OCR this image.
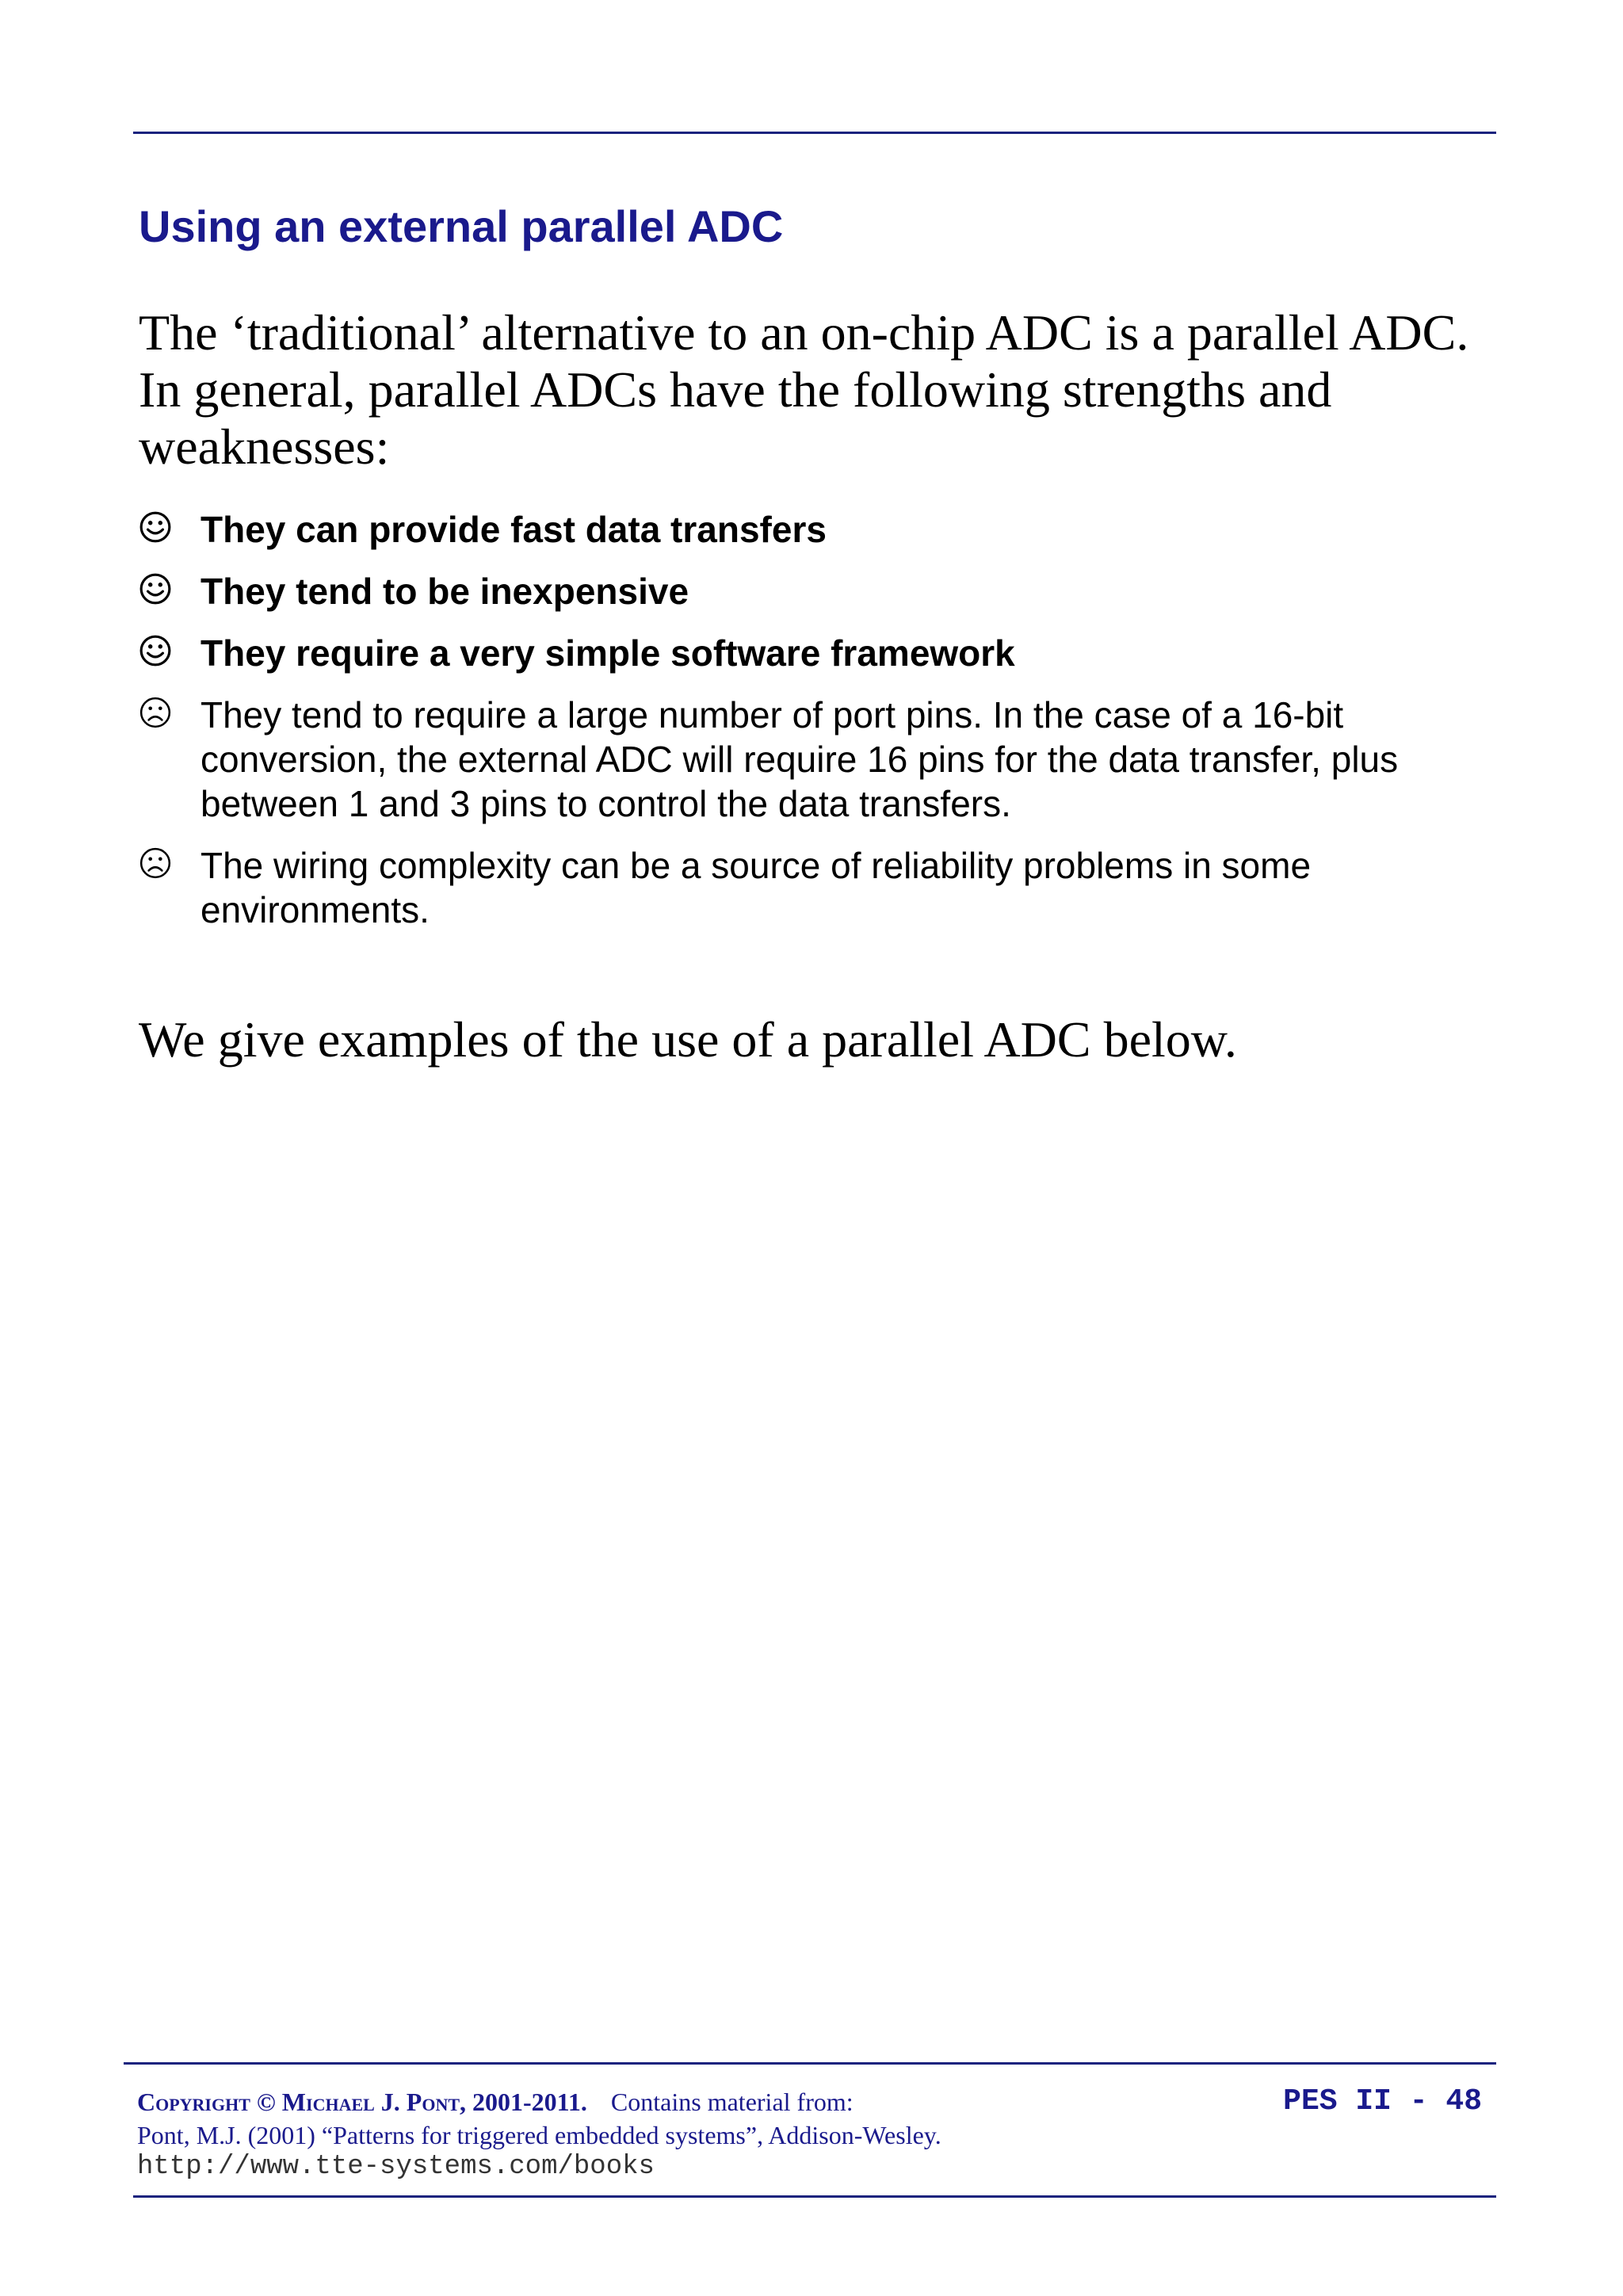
Using an external parallel ADC

The ‘traditional’ alternative to an on-chip ADC is a parallel ADC. In general, parallel ADCs have the following strengths and weaknesses:

They can provide fast data transfers
They tend to be inexpensive
They require a very simple software framework
They tend to require a large number of port pins. In the case of a 16-bit conversion, the external ADC will require 16 pins for the data transfer, plus between 1 and 3 pins to control the data transfers.
The wiring complexity can be a source of reliability problems in some environments.

We give examples of the use of a parallel ADC below.

Copyright © Michael J. Pont, 2001-2011. Contains material from:
Pont, M.J. (2001) “Patterns for triggered embedded systems”, Addison-Wesley.
http://www.tte-systems.com/books
PES II - 48
